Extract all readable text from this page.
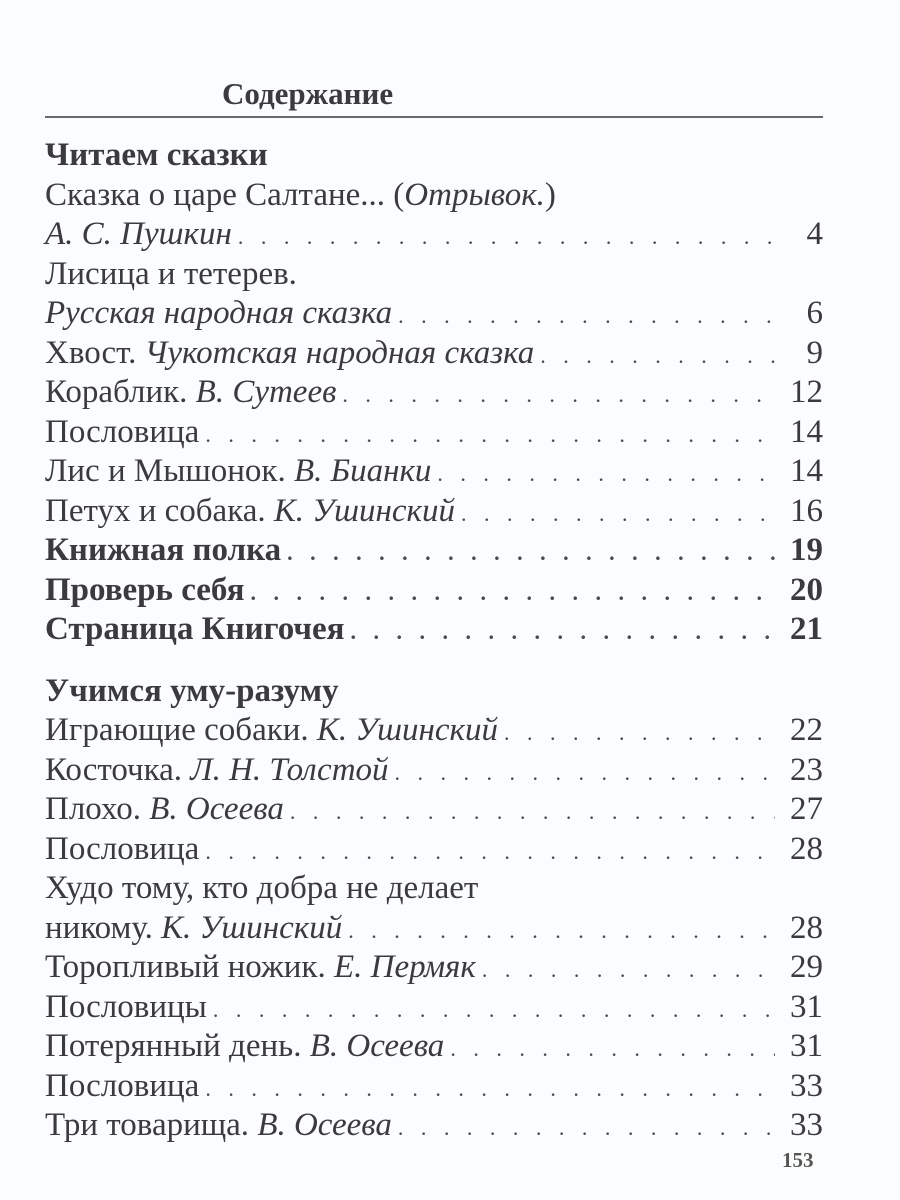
Содержание
Читаем сказки
Сказка о царе Салтане... (Отрывок.)
А. С. Пушкин . . .	4
Лисица и тетерев.
Русская народная сказка . . .	6
Хвост. Чукотская народная сказка . . .	9
Кораблик. В. Сутеев . . .	12
Пословица . . .	14
Лис и Мышонок. В. Бианки . . .	14
Петух и собака. К. Ушинский . . .	16
Книжная полка . . .	19
Проверь себя . . .	20
Страница Книгочея . . .	21
Учимся уму-разуму
Играющие собаки. К. Ушинский . . .	22
Косточка. Л. Н. Толстой . . .	23
Плохо. В. Осеева . . .	27
Пословица . . .	28
Худо тому, кто добра не делает
никому. К. Ушинский . . .	28
Торопливый ножик. Е. Пермяк . . .	29
Пословицы . . .	31
Потерянный день. В. Осеева . . .	31
Пословица . . .	33
Три товарища. В. Осеева . . .	33
153
